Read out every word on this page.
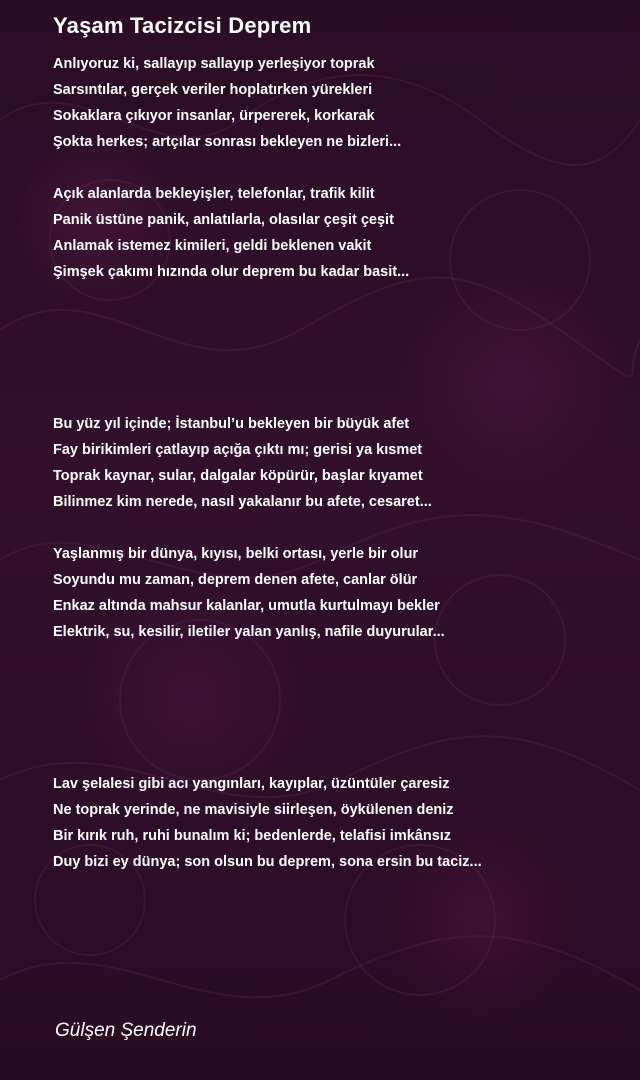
Yaşam Tacizcisi Deprem
Anlıyoruz ki, sallayıp sallayıp yerleşiyor toprak
Sarsıntılar, gerçek veriler hoplatırken yürekleri
Sokaklara çıkıyor insanlar, ürpererek, korkarak
Şokta herkes; artçılar sonrası bekleyen ne bizleri...
Açık alanlarda bekleyişler, telefonlar, trafik kilit
Panik üstüne panik, anlatılarla, olasılar çeşit çeşit
Anlamak istemez kimileri, geldi beklenen vakit
Şimşek çakımı hızında olur deprem bu kadar basit...
Bu yüz yıl içinde; İstanbul’u bekleyen bir büyük afet
Fay birikimleri çatlayıp açığa çıktı mı; gerisi ya kısmet
Toprak kaynar, sular, dalgalar köpürür, başlar kıyamet
Bilinmez kim nerede, nasıl yakalanır bu afete, cesaret...
Yaşlanmış bir dünya, kıyısı, belki ortası, yerle bir olur
Soyundu mu zaman, deprem denen afete, canlar ölür
Enkaz altında mahsur kalanlar, umutla kurtulmayı bekler
Elektrik, su, kesilir, iletiler yalan yanlış, nafile duyurular...
Lav şelalesi gibi acı yangınları, kayıplar, üzüntüler çaresiz
Ne toprak yerinde, ne mavisiyle siirleşen, öykülenen deniz
Bir kırık ruh, ruhi bunalım ki; bedenlerde, telafisi imkânsız
Duy bizi ey dünya; son olsun bu deprem, sona ersin bu taciz...
Gülşen Şenderin
